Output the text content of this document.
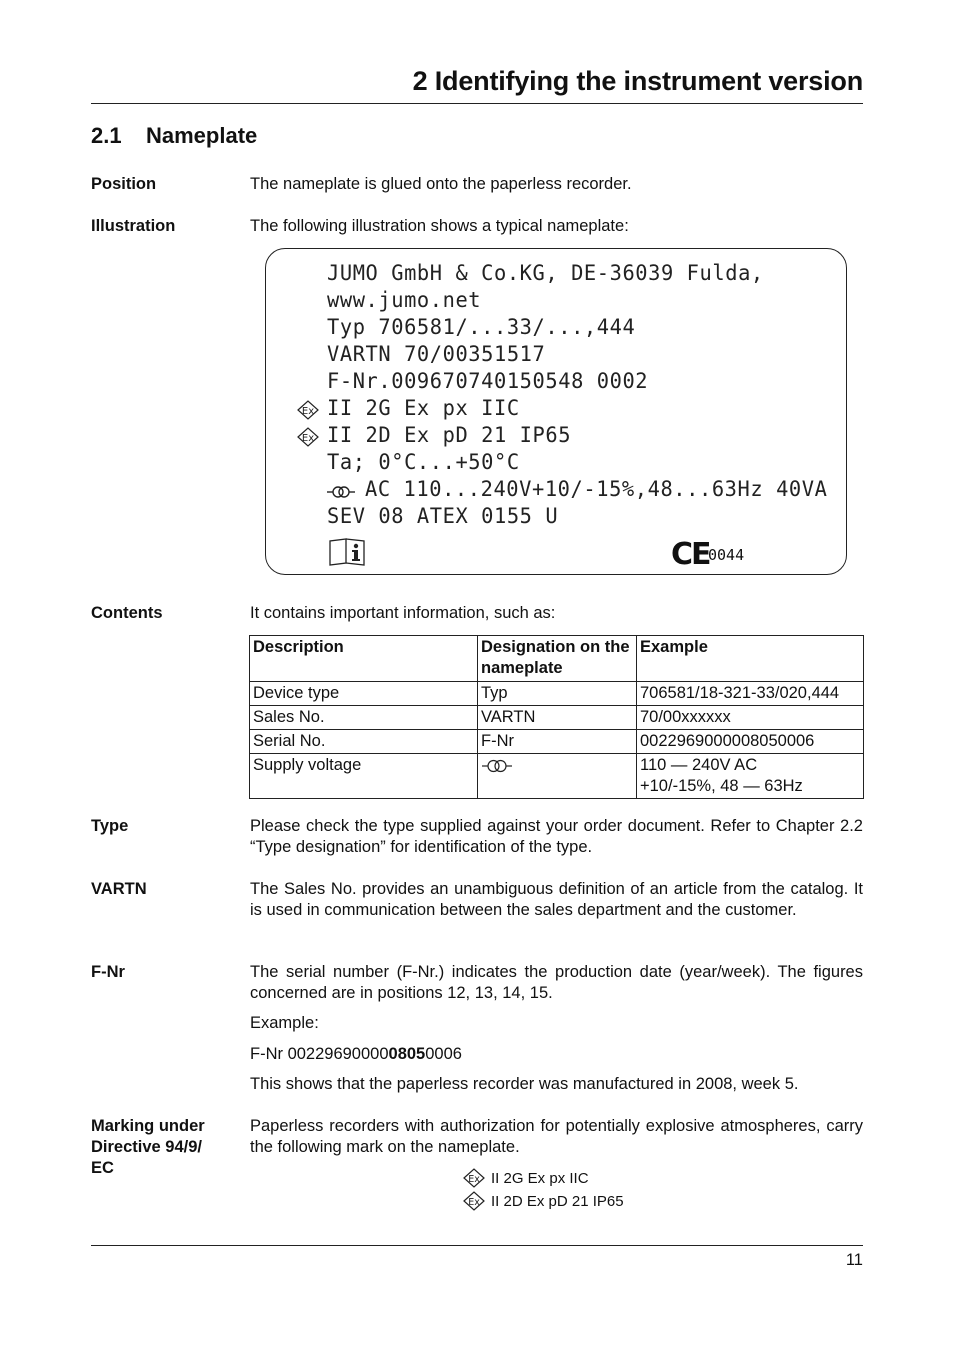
2 Identifying the instrument version
2.1 Nameplate
Position	The nameplate is glued onto the paperless recorder.
Illustration	The following illustration shows a typical nameplate:
JUMO GmbH & Co.KG, DE-36039 Fulda,
www.jumo.net
Typ 706581/...33/...,444
VARTN 70/00351517
F-Nr.009670740150548 0002
Ex II 2G Ex px IIC
Ex II 2D Ex pD 21 IP65
Ta; 0°C...+50°C
AC 110...240V+10/-15%,48...63Hz 40VA
SEV 08 ATEX 0155 U
CE
0044
Contents	It contains important information, such as:
Description	Designation on the nameplate	Example
Device type	Typ	706581/18-321-33/020,444
Sales No.	VARTN	70/00xxxxxx
Serial No.	F-Nr	0022969000008050006
Supply voltage		110 — 240V AC
+10/-15%, 48 — 63Hz
Type	Please check the type supplied against your order document. Refer to Chapter 2.2 “Type designation” for identification of the type.
VARTN	The Sales No. provides an unambiguous definition of an article from the catalog. It is used in communication between the sales department and the customer.
F-Nr	The serial number (F-Nr.) indicates the production date (year/week). The figures concerned are in positions 12, 13, 14, 15.
Example:
F-Nr 0022969000008050006
This shows that the paperless recorder was manufactured in 2008, week 5.
Marking under Directive 94/9/ EC
Paperless recorders with authorization for potentially explosive atmospheres, carry the following mark on the nameplate.
Ex II 2G Ex px IIC
Ex II 2D Ex pD 21 IP65
11
